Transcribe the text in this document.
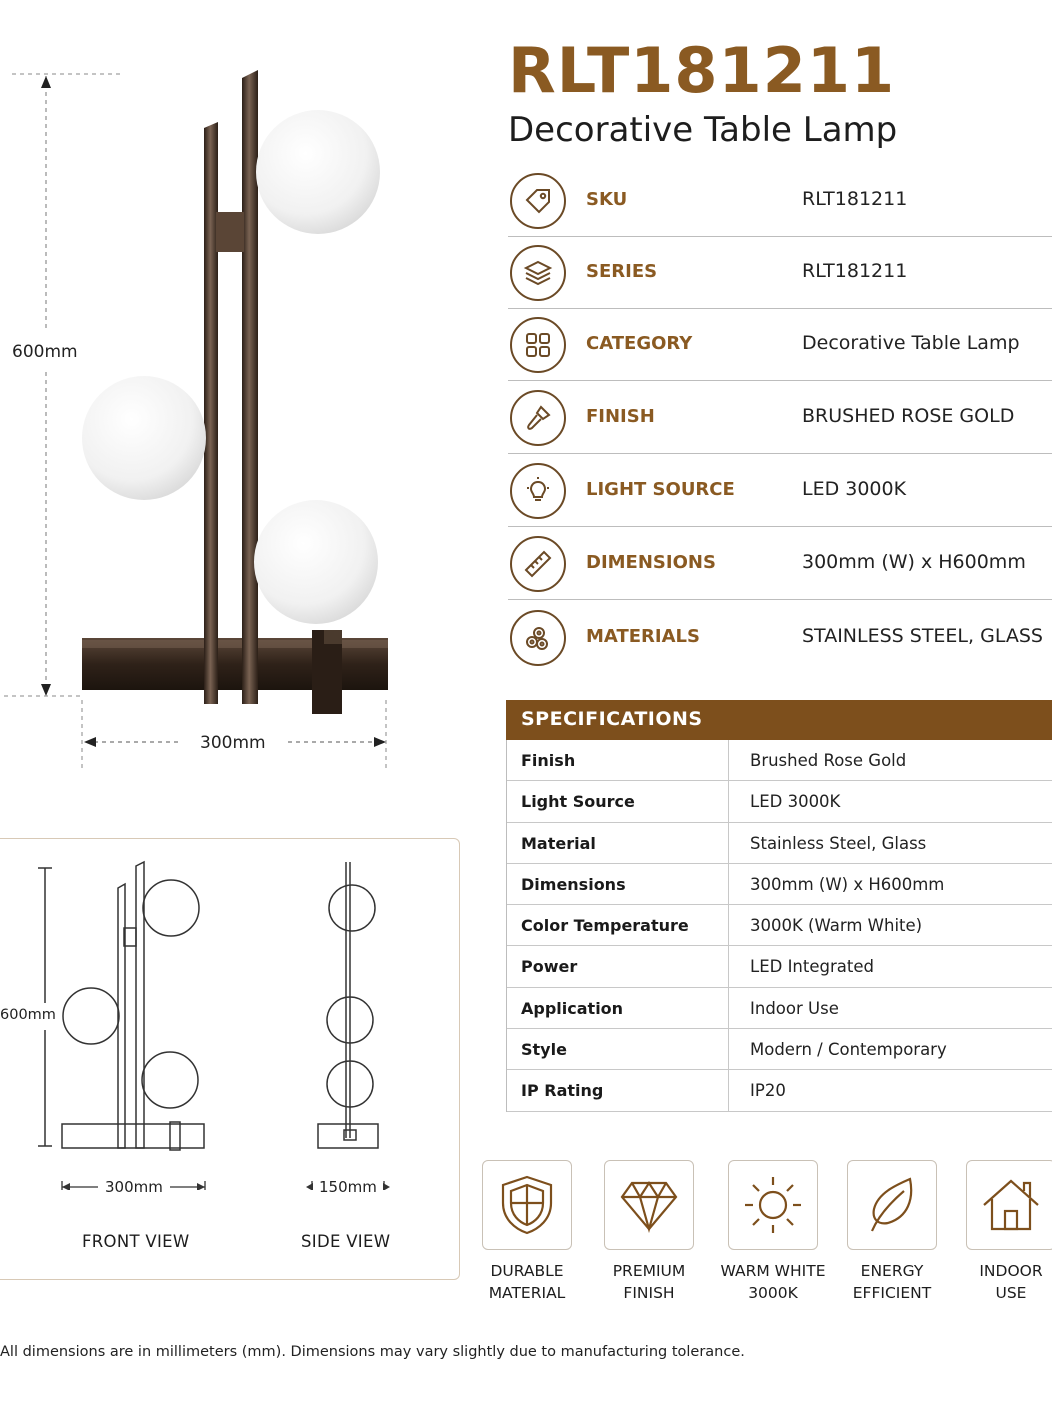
600mm
300mm
RLT181211
Decorative Table Lamp
SKU	RLT181211
SERIES	RLT181211
CATEGORY	Decorative Table Lamp
FINISH	BRUSHED ROSE GOLD
LIGHT SOURCE	LED 3000K
DIMENSIONS	300mm (W) x H600mm
MATERIALS	STAINLESS STEEL, GLASS
SPECIFICATIONS
Finish	Brushed Rose Gold
Light Source	LED 3000K
Material	Stainless Steel, Glass
Dimensions	300mm (W) x H600mm
Color Temperature	3000K (Warm White)
Power	LED Integrated
Application	Indoor Use
Style	Modern / Contemporary
IP Rating	IP20
600mm
300mm	150mm
FRONT VIEW	SIDE VIEW
DURABLE
MATERIAL
PREMIUM
FINISH
WARM WHITE
3000K
ENERGY
EFFICIENT
INDOOR
USE
All dimensions are in millimeters (mm). Dimensions may vary slightly due to manufacturing tolerance.
